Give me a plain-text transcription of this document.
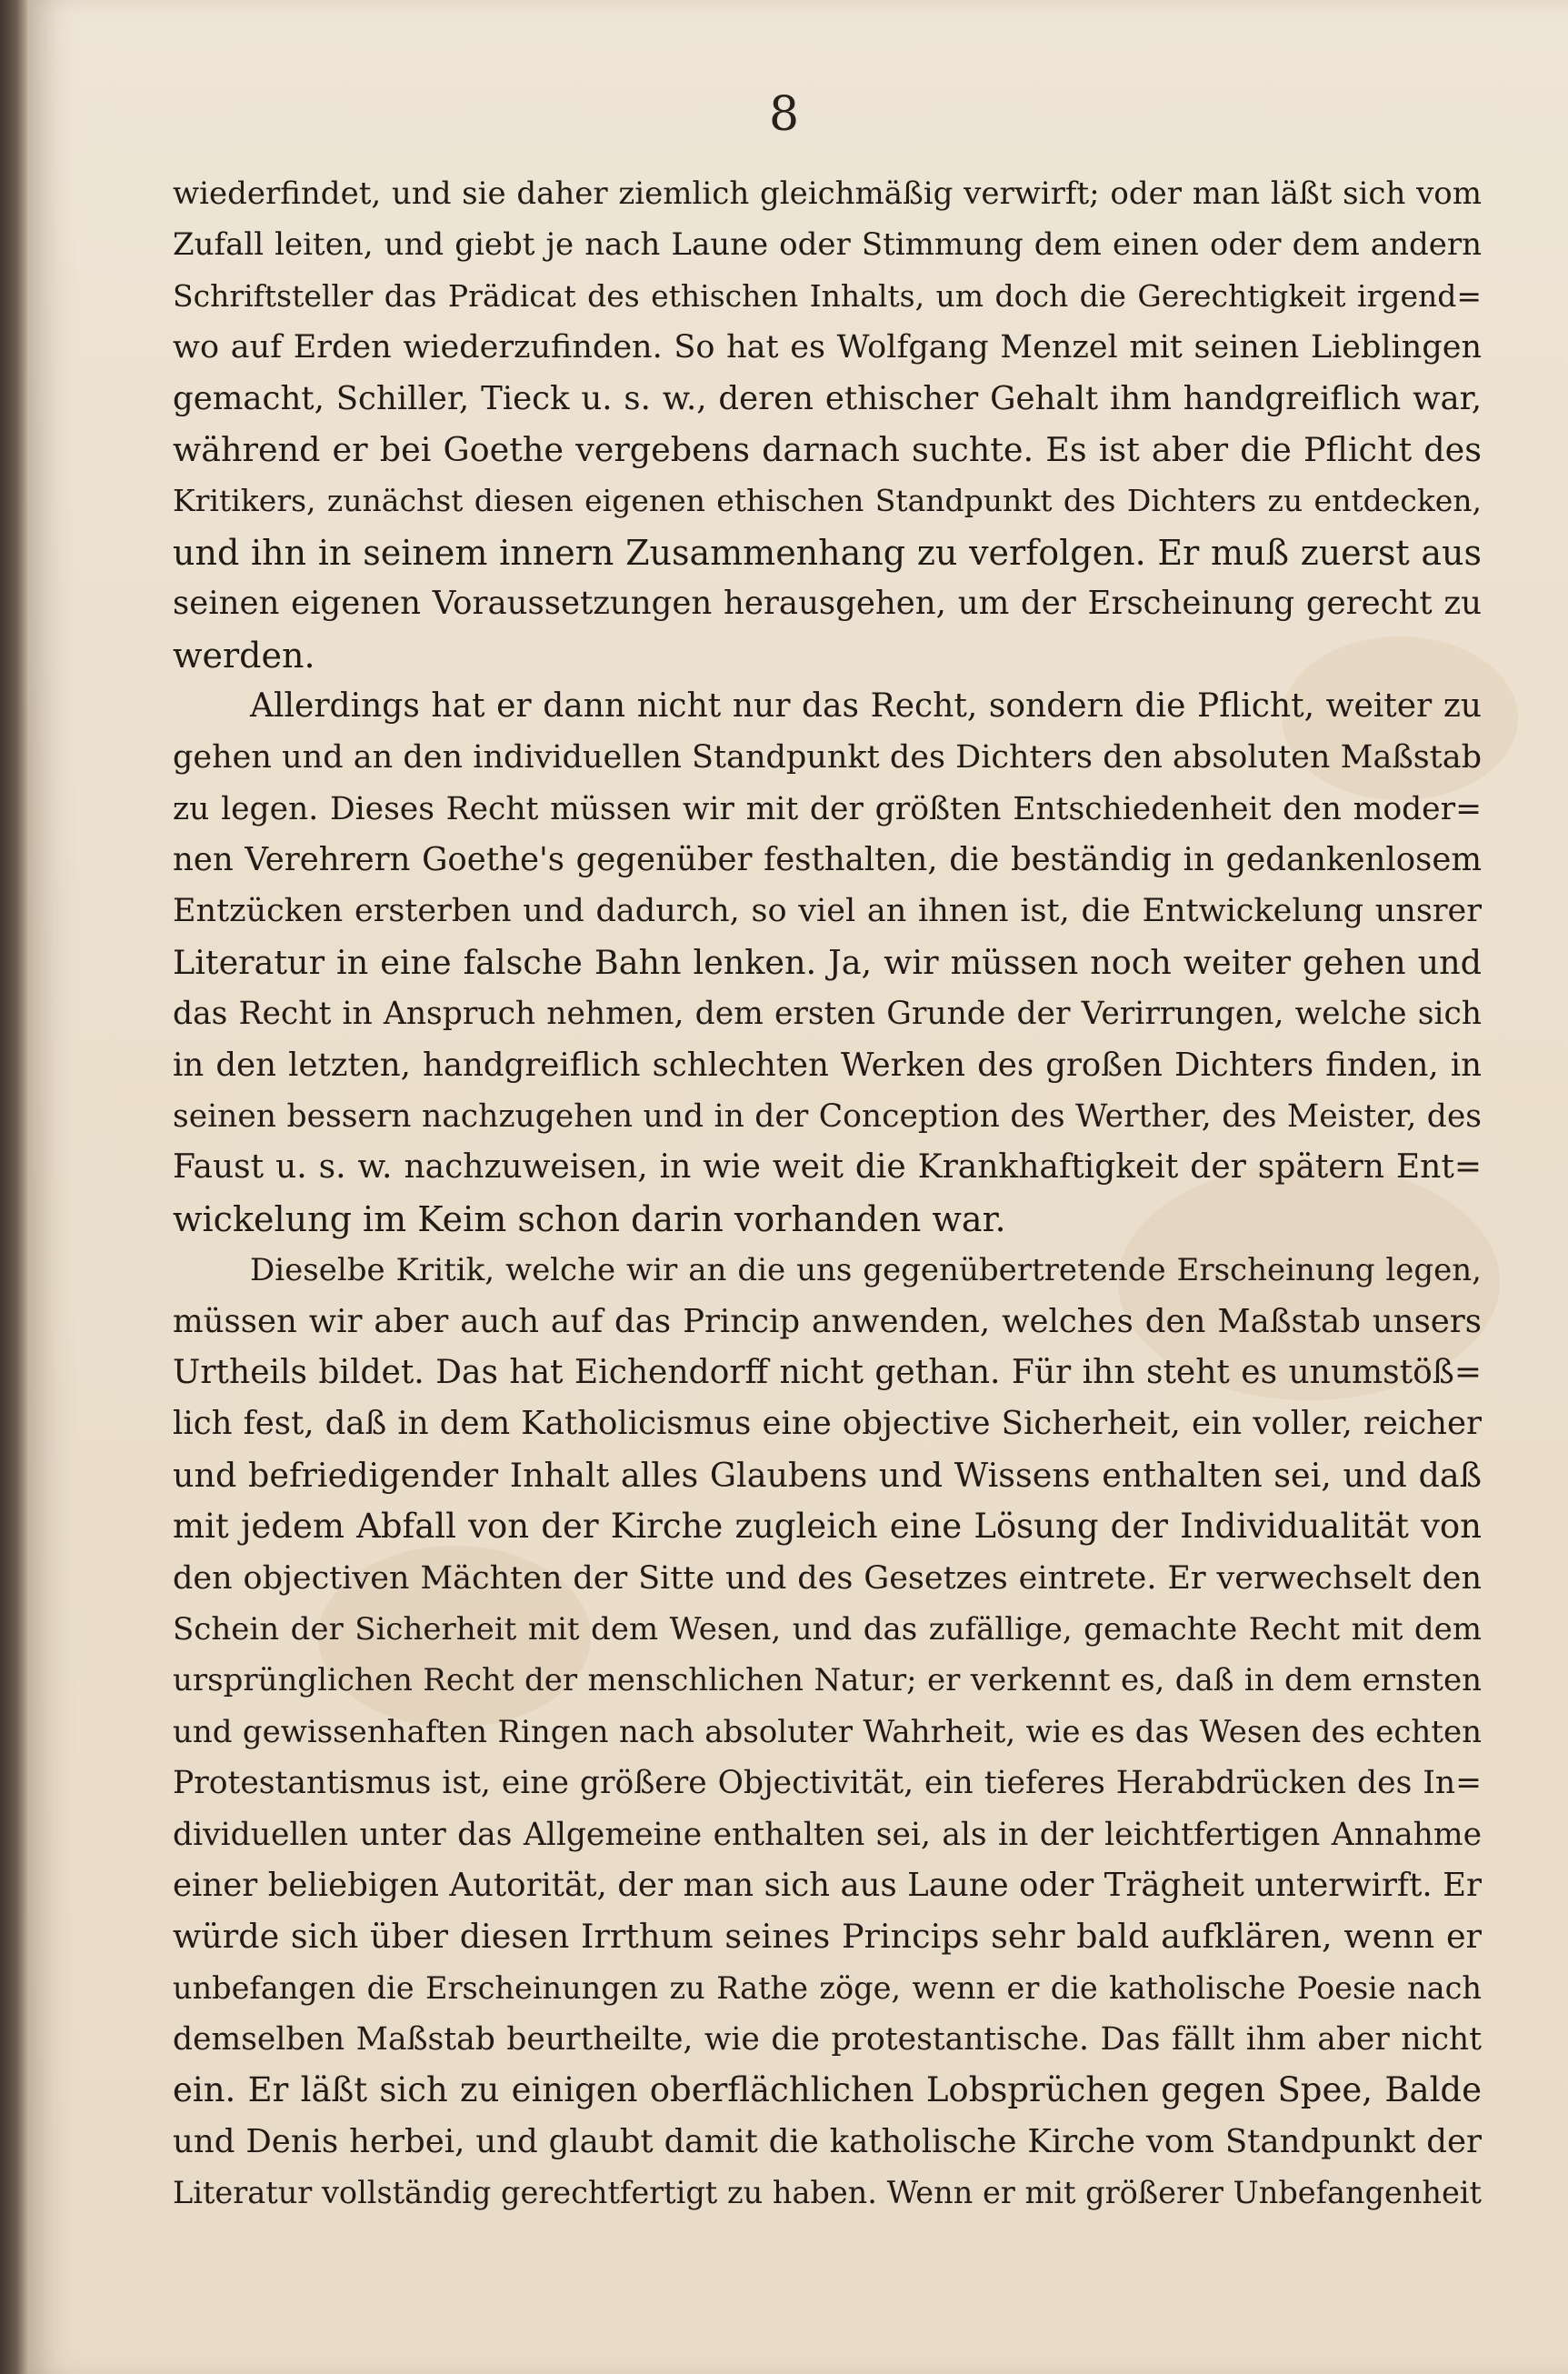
8
wiederfindet, und sie daher ziemlich gleichmäßig verwirft; oder man läßt sich vom
Zufall leiten, und giebt je nach Laune oder Stimmung dem einen oder dem andern
Schriftsteller das Prädicat des ethischen Inhalts, um doch die Gerechtigkeit irgend=
wo auf Erden wiederzufinden. So hat es Wolfgang Menzel mit seinen Lieblingen
gemacht, Schiller, Tieck u. s. w., deren ethischer Gehalt ihm handgreiflich war,
während er bei Goethe vergebens darnach suchte. Es ist aber die Pflicht des
Kritikers, zunächst diesen eigenen ethischen Standpunkt des Dichters zu entdecken,
und ihn in seinem innern Zusammenhang zu verfolgen. Er muß zuerst aus
seinen eigenen Voraussetzungen herausgehen, um der Erscheinung gerecht zu
werden.
Allerdings hat er dann nicht nur das Recht, sondern die Pflicht, weiter zu
gehen und an den individuellen Standpunkt des Dichters den absoluten Maßstab
zu legen. Dieses Recht müssen wir mit der größten Entschiedenheit den moder=
nen Verehrern Goethe's gegenüber festhalten, die beständig in gedankenlosem
Entzücken ersterben und dadurch, so viel an ihnen ist, die Entwickelung unsrer
Literatur in eine falsche Bahn lenken. Ja, wir müssen noch weiter gehen und
das Recht in Anspruch nehmen, dem ersten Grunde der Verirrungen, welche sich
in den letzten, handgreiflich schlechten Werken des großen Dichters finden, in
seinen bessern nachzugehen und in der Conception des Werther, des Meister, des
Faust u. s. w. nachzuweisen, in wie weit die Krankhaftigkeit der spätern Ent=
wickelung im Keim schon darin vorhanden war.
Dieselbe Kritik, welche wir an die uns gegenübertretende Erscheinung legen,
müssen wir aber auch auf das Princip anwenden, welches den Maßstab unsers
Urtheils bildet. Das hat Eichendorff nicht gethan. Für ihn steht es unumstöß=
lich fest, daß in dem Katholicismus eine objective Sicherheit, ein voller, reicher
und befriedigender Inhalt alles Glaubens und Wissens enthalten sei, und daß
mit jedem Abfall von der Kirche zugleich eine Lösung der Individualität von
den objectiven Mächten der Sitte und des Gesetzes eintrete. Er verwechselt den
Schein der Sicherheit mit dem Wesen, und das zufällige, gemachte Recht mit dem
ursprünglichen Recht der menschlichen Natur; er verkennt es, daß in dem ernsten
und gewissenhaften Ringen nach absoluter Wahrheit, wie es das Wesen des echten
Protestantismus ist, eine größere Objectivität, ein tieferes Herabdrücken des In=
dividuellen unter das Allgemeine enthalten sei, als in der leichtfertigen Annahme
einer beliebigen Autorität, der man sich aus Laune oder Trägheit unterwirft. Er
würde sich über diesen Irrthum seines Princips sehr bald aufklären, wenn er
unbefangen die Erscheinungen zu Rathe zöge, wenn er die katholische Poesie nach
demselben Maßstab beurtheilte, wie die protestantische. Das fällt ihm aber nicht
ein. Er läßt sich zu einigen oberflächlichen Lobsprüchen gegen Spee, Balde
und Denis herbei, und glaubt damit die katholische Kirche vom Standpunkt der
Literatur vollständig gerechtfertigt zu haben. Wenn er mit größerer Unbefangenheit
